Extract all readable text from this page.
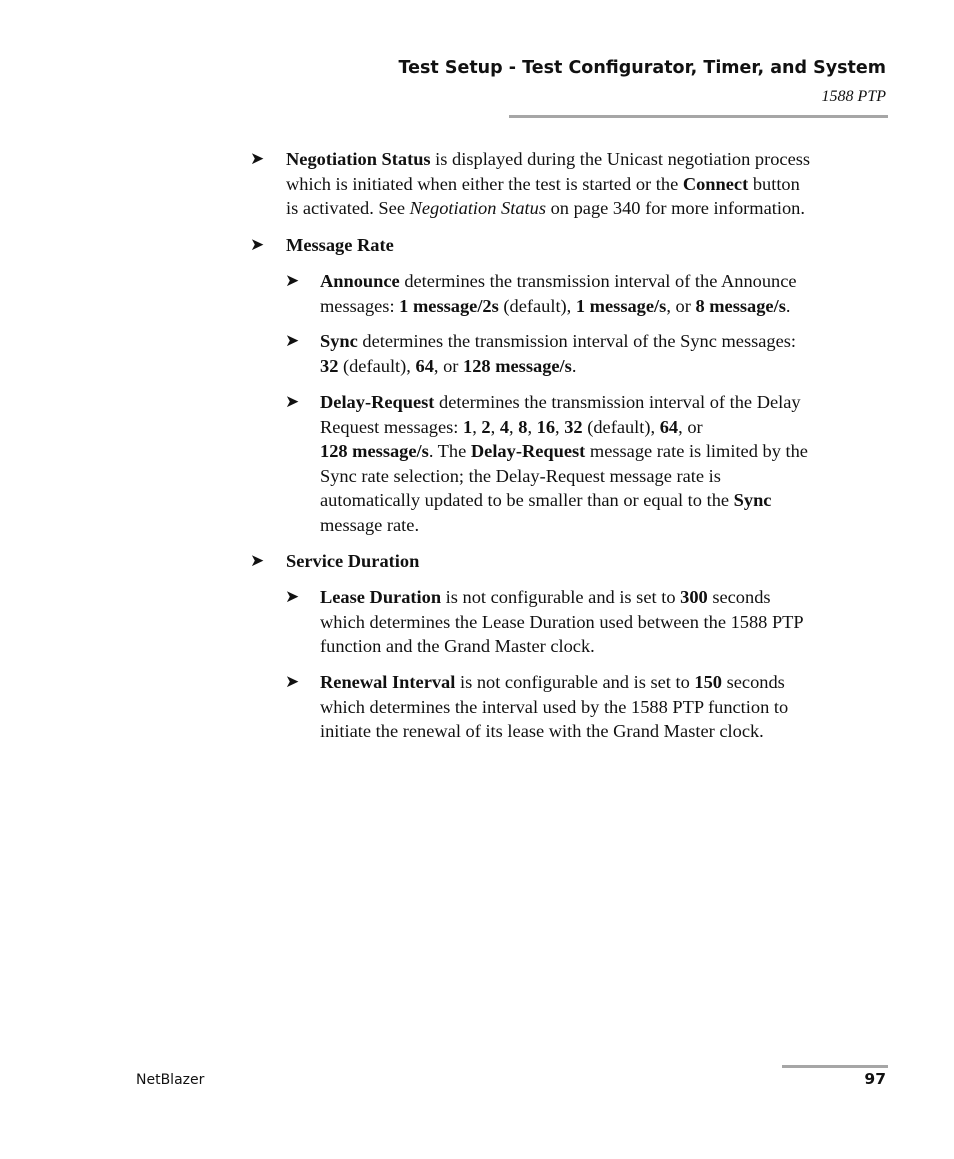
Test Setup - Test Configurator, Timer, and System
1588 PTP
➤ Negotiation Status is displayed during the Unicast negotiation process

which is initiated when either the test is started or the Connect button

is activated. See Negotiation Status on page 340 for more information.

➤ Message Rate

➤ Announce determines the transmission interval of the Announce

messages: 1 message/2s (default), 1 message/s, or 8 message/s.

➤ Sync determines the transmission interval of the Sync messages:

32 (default), 64, or 128 message/s.

➤ Delay-Request determines the transmission interval of the Delay

Request messages: 1, 2, 4, 8, 16, 32 (default), 64, or

128 message/s. The Delay-Request message rate is limited by the

Sync rate selection; the Delay-Request message rate is

automatically updated to be smaller than or equal to the Sync

message rate.

➤ Service Duration

➤ Lease Duration is not configurable and is set to 300 seconds

which determines the Lease Duration used between the 1588 PTP

function and the Grand Master clock.

➤ Renewal Interval is not configurable and is set to 150 seconds

which determines the interval used by the 1588 PTP function to

initiate the renewal of its lease with the Grand Master clock.

NetBlazer	97
